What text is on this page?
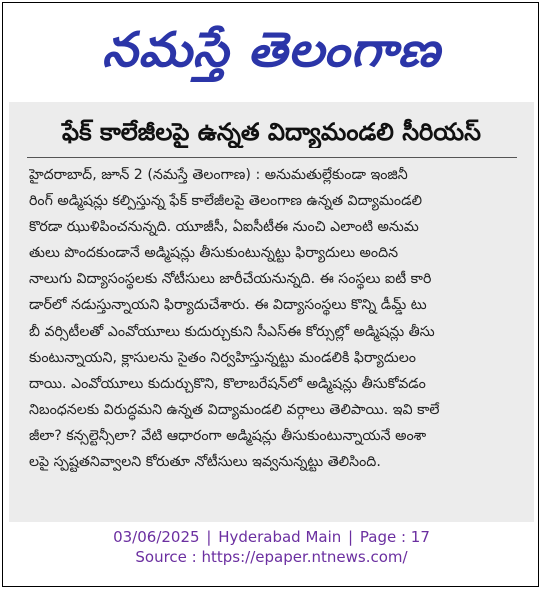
నమస్తే తెలంగాణ
ఫేక్ కాలేజీలపై ఉన్నత విద్యామండలి సీరియస్
హైదరాబాద్, జూన్ 2 (నమస్తే తెలంగాణ) : అనుమతుల్లేకుండా ఇంజినీ
రింగ్ అడ్మిషన్లు కల్పిస్తున్న ఫేక్ కాలేజీలపై తెలంగాణ ఉన్నత విద్యామండలి
కొరడా ఝుళిపించనున్నది. యూజీసీ, ఏఐసీటీఈ నుంచి ఎలాంటి అనుమ
తులు పొందకుండానే అడ్మిషన్లు తీసుకుంటున్నట్టు ఫిర్యాదులు అందిన
నాలుగు విద్యాసంస్థలకు నోటీసులు జారీచేయనున్నది. ఈ సంస్థలు ఐటీ కారి
డార్‌లో నడుస్తున్నాయని ఫిర్యాదుచేశారు. ఈ విద్యాసంస్థలు కొన్ని డీమ్డ్ టు
బీ వర్సిటీలతో ఎంవోయూలు కుదుర్చుకుని సీఎస్‌ఈ కోర్సుల్లో అడ్మిషన్లు తీసు
కుంటున్నాయని, క్లాసులను సైతం నిర్వహిస్తున్నట్టు మండలికి ఫిర్యాదులం
దాయి. ఎంవోయూలు కుదుర్చుకొని, కొలాబరేషన్‌లో అడ్మిషన్లు తీసుకోవడం
నిబంధనలకు విరుద్ధమని ఉన్నత విద్యామండలి వర్గాలు తెలిపాయి. ఇవి కాలే
జీలా? కన్సల్టెన్సీలా? వేటి ఆధారంగా అడ్మిషన్లు తీసుకుంటున్నాయనే అంశా
లపై స్పష్టతనివ్వాలని కోరుతూ నోటీసులు ఇవ్వనున్నట్టు తెలిసింది.
03/06/2025 | Hyderabad Main | Page : 17
Source : https://epaper.ntnews.com/
